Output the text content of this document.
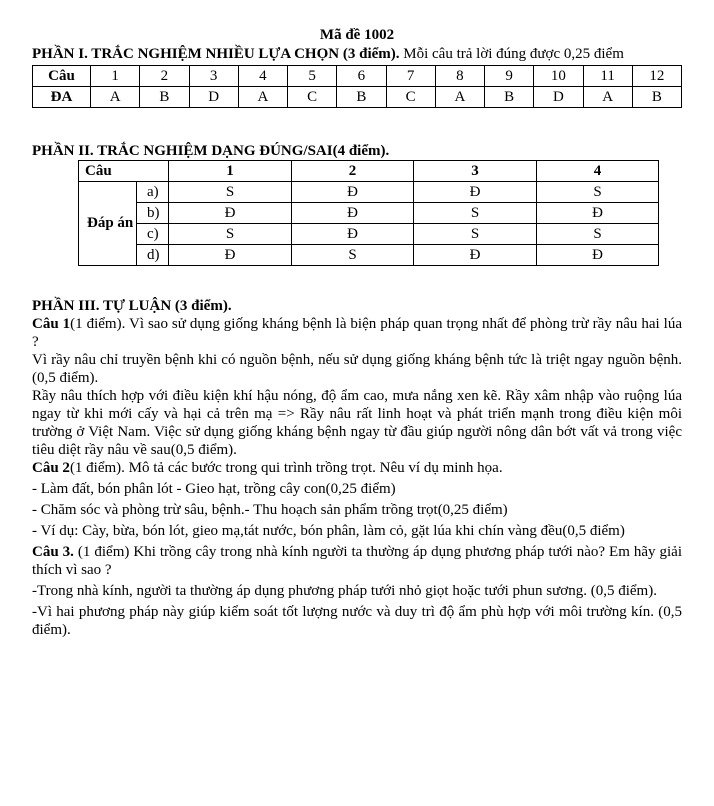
Mã đề 1002

PHẦN I. TRẮC NGHIỆM NHIỀU LỰA CHỌN (3 điểm). Mỗi câu trả lời đúng được 0,25 điểm

Câu	1	2	3	4	5	6	7	8	9	10	11	12
ĐA	A	B	D	A	C	B	C	A	B	D	A	B

PHẦN II. TRẮC NGHIỆM DẠNG ĐÚNG/SAI(4 điểm).

Câu		1	2	3	4
Đáp án	a)	S	Đ	Đ	S
	b)	Đ	Đ	S	Đ
	c)	S	Đ	S	S
	d)	Đ	S	Đ	Đ

PHẦN III. TỰ LUẬN (3 điểm).

Câu 1(1 điểm). Vì sao sử dụng giống kháng bệnh là biện pháp quan trọng nhất để phòng trừ rầy nâu hai lúa ?

Vì rầy nâu chỉ truyền bệnh khi có nguồn bệnh, nếu sử dụng giống kháng bệnh tức là triệt ngay nguồn bệnh. (0,5 điểm).

Rầy nâu thích hợp với điều kiện khí hậu nóng, độ ẩm cao, mưa nắng xen kẽ. Rầy xâm nhập vào ruộng lúa ngay từ khi mới cấy và hại cả trên mạ => Rầy nâu rất linh hoạt và phát triển mạnh trong điều kiện môi trường ở Việt Nam. Việc sử dụng giống kháng bệnh ngay từ đầu giúp người nông dân bớt vất vả trong việc tiêu diệt rầy nâu về sau(0,5 điểm).

Câu 2(1 điểm). Mô tả các bước trong qui trình trồng trọt. Nêu ví dụ minh họa.

- Làm đất, bón phân lót - Gieo hạt, trồng cây con(0,25 điểm)

- Chăm sóc và phòng trừ sâu, bệnh.- Thu hoạch sản phẩm trồng trọt(0,25 điểm)

- Ví dụ: Cày, bừa, bón lót, gieo mạ,tát nước, bón phân, làm cỏ, gặt lúa khi chín vàng đều(0,5 điểm)

Câu 3. (1 điểm) Khi trồng cây trong nhà kính người ta thường áp dụng phương pháp tưới nào? Em hãy giải thích vì sao ?

-Trong nhà kính, người ta thường áp dụng phương pháp tưới nhỏ giọt hoặc tưới phun sương. (0,5 điểm).

-Vì hai phương pháp này giúp kiểm soát tốt lượng nước và duy trì độ ẩm phù hợp với môi trường kín. (0,5 điểm).
